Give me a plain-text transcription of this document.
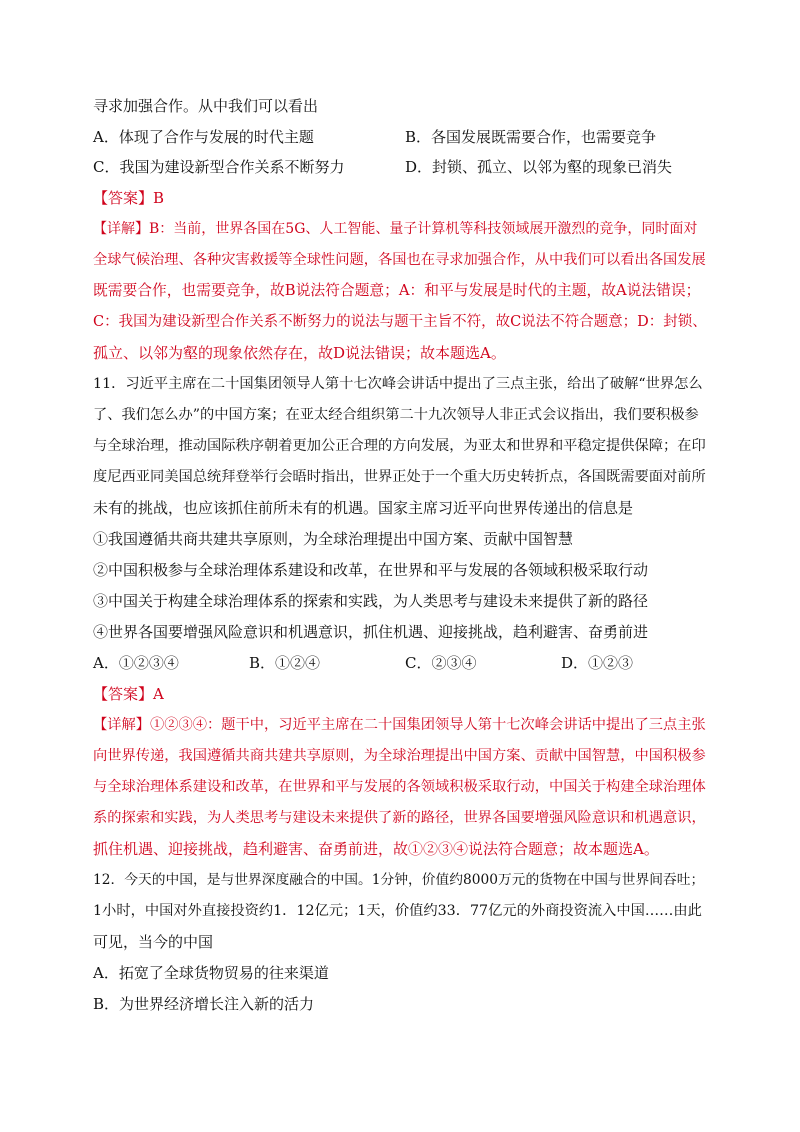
寻求加强合作。从中我们可以看出
A．体现了合作与发展的时代主题	B．各国发展既需要合作，也需要竞争
C．我国为建设新型合作关系不断努力	D．封锁、孤立、以邻为壑的现象已消失
【答案】B
【详解】B：当前，世界各国在5G、人工智能、量子计算机等科技领域展开激烈的竞争，同时面对
全球气候治理、各种灾害救援等全球性问题，各国也在寻求加强合作，从中我们可以看出各国发展
既需要合作，也需要竞争，故B说法符合题意；A：和平与发展是时代的主题，故A说法错误；
C：我国为建设新型合作关系不断努力的说法与题干主旨不符，故C说法不符合题意；D：封锁、
孤立、以邻为壑的现象依然存在，故D说法错误；故本题选A。
11．习近平主席在二十国集团领导人第十七次峰会讲话中提出了三点主张，给出了破解“世界怎么
了、我们怎么办”的中国方案；在亚太经合组织第二十九次领导人非正式会议指出，我们要积极参
与全球治理，推动国际秩序朝着更加公正合理的方向发展，为亚太和世界和平稳定提供保障；在印
度尼西亚同美国总统拜登举行会晤时指出，世界正处于一个重大历史转折点，各国既需要面对前所
未有的挑战，也应该抓住前所未有的机遇。国家主席习近平向世界传递出的信息是
①我国遵循共商共建共享原则，为全球治理提出中国方案、贡献中国智慧
②中国积极参与全球治理体系建设和改革，在世界和平与发展的各领域积极采取行动
③中国关于构建全球治理体系的探索和实践，为人类思考与建设未来提供了新的路径
④世界各国要增强风险意识和机遇意识，抓住机遇、迎接挑战，趋利避害、奋勇前进
A．①②③④	B．①②④	C．②③④	D．①②③
【答案】A
【详解】①②③④：题干中，习近平主席在二十国集团领导人第十七次峰会讲话中提出了三点主张
向世界传递，我国遵循共商共建共享原则，为全球治理提出中国方案、贡献中国智慧，中国积极参
与全球治理体系建设和改革，在世界和平与发展的各领域积极采取行动，中国关于构建全球治理体
系的探索和实践，为人类思考与建设未来提供了新的路径，世界各国要增强风险意识和机遇意识，
抓住机遇、迎接挑战，趋利避害、奋勇前进，故①②③④说法符合题意；故本题选A。
12．今天的中国，是与世界深度融合的中国。1分钟，价值约8000万元的货物在中国与世界间吞吐；
1小时，中国对外直接投资约1．12亿元；1天，价值约33．77亿元的外商投资流入中国……由此
可见，当今的中国
A．拓宽了全球货物贸易的往来渠道
B．为世界经济增长注入新的活力
